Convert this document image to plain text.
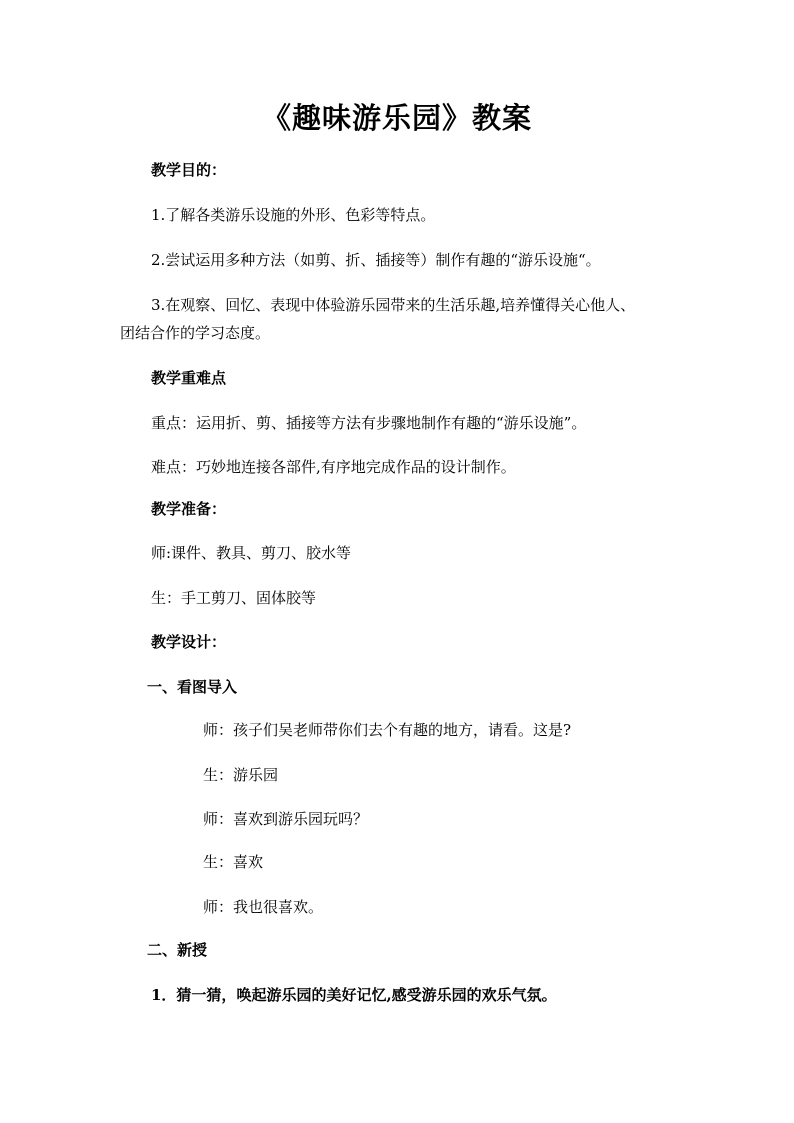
《趣味游乐园》教案
教学目的：
1.了解各类游乐设施的外形、色彩等特点。
2.尝试运用多种方法（如剪、折、插接等）制作有趣的“游乐设施“。
3.在观察、回忆、表现中体验游乐园带来的生活乐趣,培养懂得关心他人、
团结合作的学习态度。
教学重难点
重点：运用折、剪、插接等方法有步骤地制作有趣的“游乐设施”。
难点：巧妙地连接各部件,有序地完成作品的设计制作。
教学准备：
师:课件、教具、剪刀、胶水等
生：手工剪刀、固体胶等
教学设计：
一、看图导入
师：孩子们吴老师带你们去个有趣的地方，请看。这是?
生：游乐园
师：喜欢到游乐园玩吗？
生：喜欢
师：我也很喜欢。
二、新授
1．猜一猜，唤起游乐园的美好记忆,感受游乐园的欢乐气氛。
